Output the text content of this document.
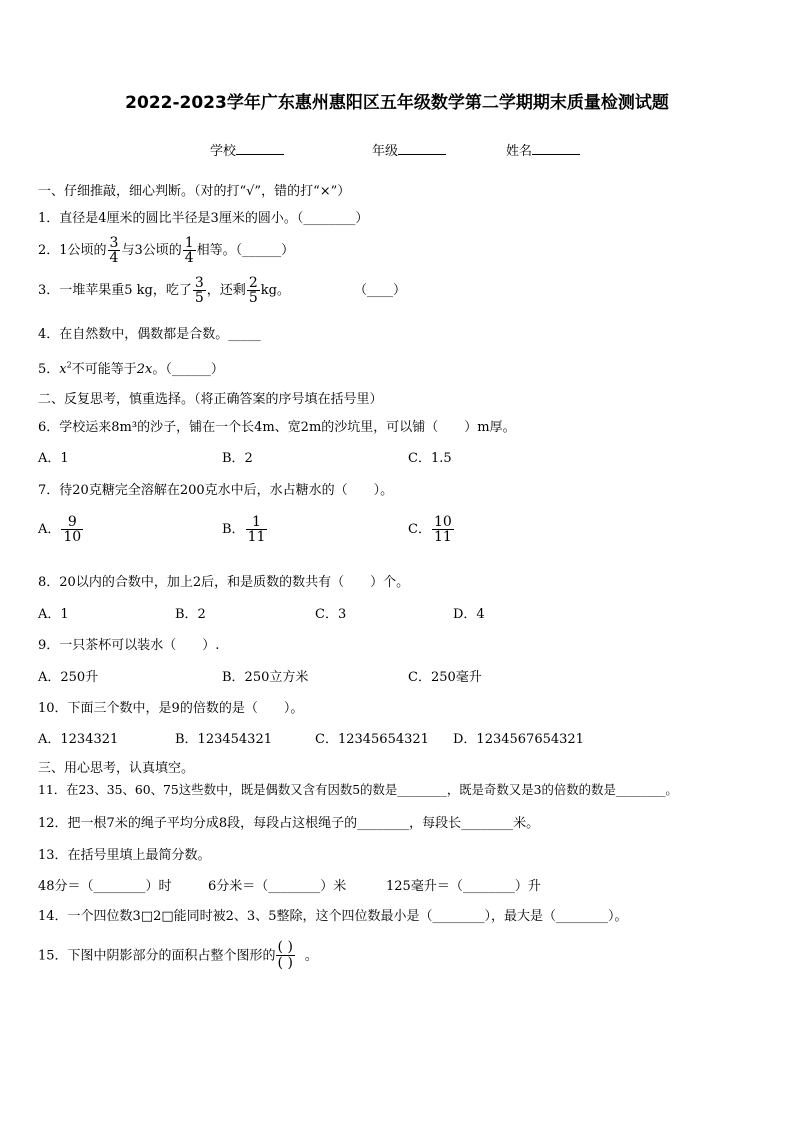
2022-2023学年广东惠州惠阳区五年级数学第二学期期末质量检测试题
学校	年级	姓名
一、仔细推敲，细心判断。（对的打“√”，错的打“×”）
1．直径是4厘米的圆比半径是3厘米的圆小。（________）
2．1公顷的 $\frac{3}{4}$ 与3公顷的 $\frac{1}{4}$ 相等。（______）
3．一堆苹果重5 kg，吃了 $\frac{3}{5}$ ，还剩 $\frac{2}{5}$ kg。	（____）
4．在自然数中，偶数都是合数。_____
5．$x^2$不可能等于2x。（______）
二、反复思考，慎重选择。（将正确答案的序号填在括号里）
6．学校运来8m³的沙子，铺在一个长4m、宽2m的沙坑里，可以铺（　　）m厚。
A．1	B．2	C．1.5
7．待20克糖完全溶解在200克水中后，水占糖水的（　　）。
A． $\frac{9}{10}$	B． $\frac{1}{11}$	C． $\frac{10}{11}$
8．20以内的合数中，加上2后，和是质数的数共有（　　）个。
A．1	B．2	C．3	D．4
9．一只茶杯可以装水（　　）.
A．250升	B．250立方米	C．250毫升
10．下面三个数中，是9的倍数的是（　　）。
A．1234321	B．123454321	C．12345654321 D．1234567654321
三、用心思考，认真填空。
11．在23、35、60、75这些数中，既是偶数又含有因数5的数是________，既是奇数又是3的倍数的数是________。
12．把一根7米的绳子平均分成8段，每段占这根绳子的________，每段长________米。
13．在括号里填上最简分数。
48分＝（________）时	6分米＝（________）米	125毫升＝（________）升
14．一个四位数3□2□能同时被2、3、5整除，这个四位数最小是（________），最大是（________）。
15．下图中阴影部分的面积占整个图形的 $\frac{( )}{( )}$ 。
